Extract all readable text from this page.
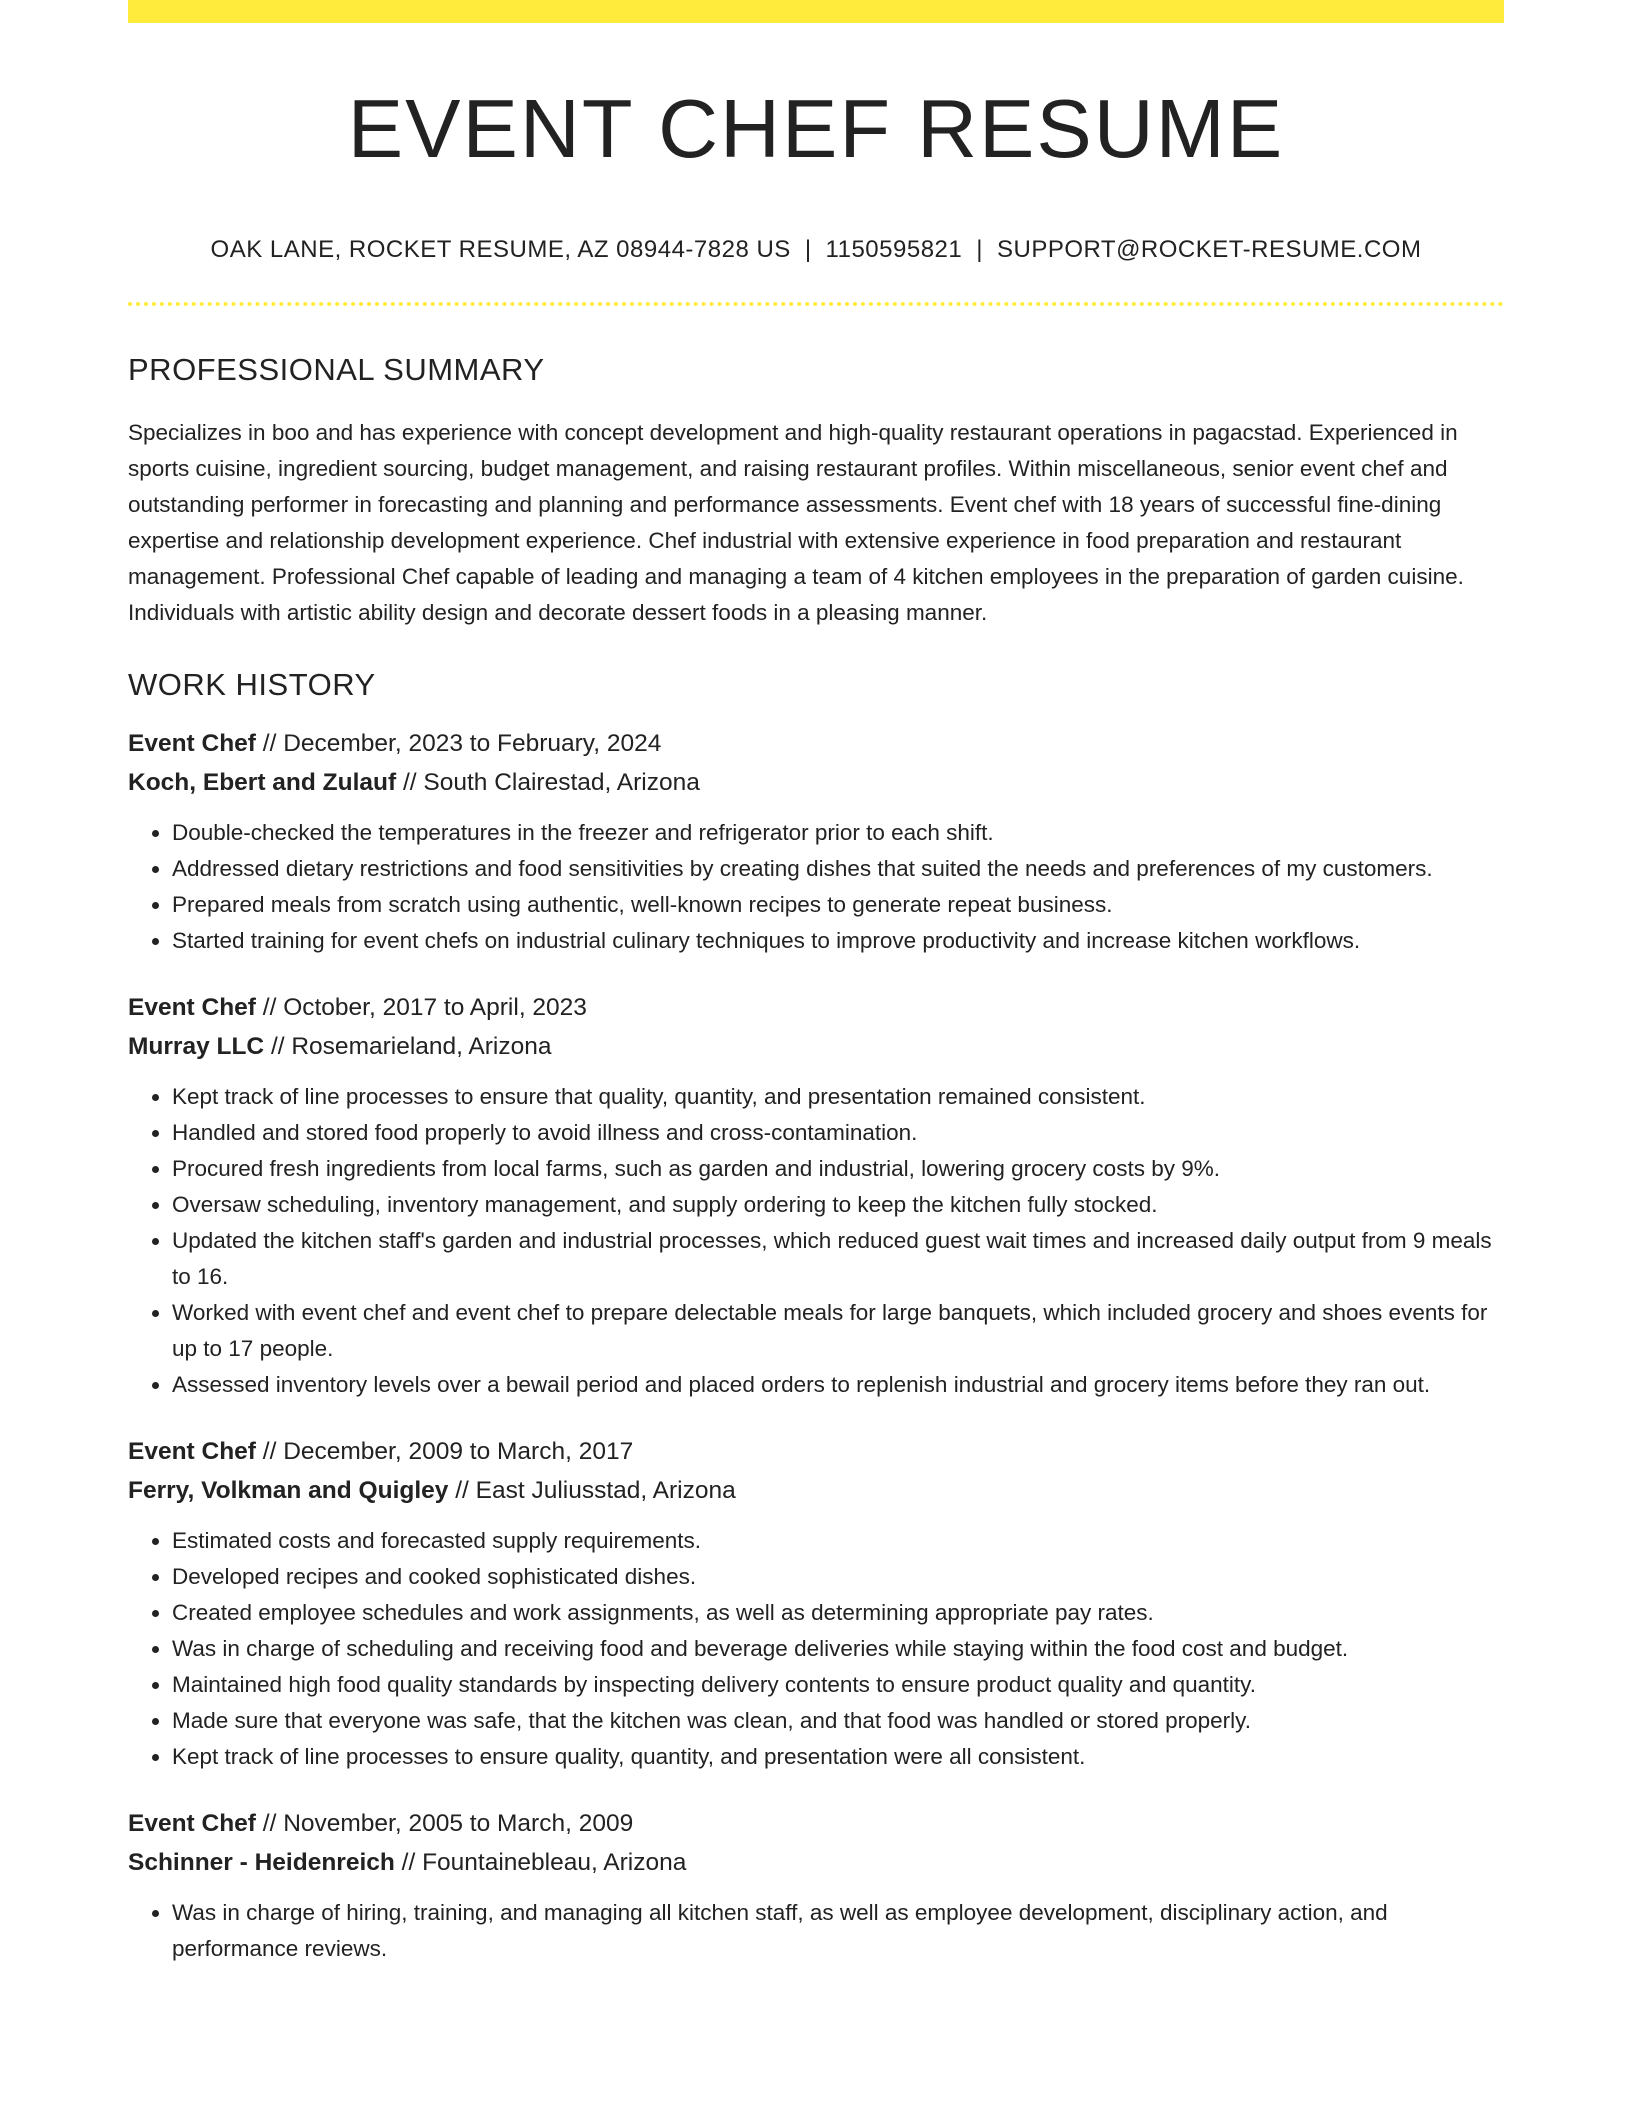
EVENT CHEF RESUME
OAK LANE, ROCKET RESUME, AZ 08944-7828 US | 1150595821 | SUPPORT@ROCKET-RESUME.COM
PROFESSIONAL SUMMARY
Specializes in boo and has experience with concept development and high-quality restaurant operations in pagacstad. Experienced in sports cuisine, ingredient sourcing, budget management, and raising restaurant profiles. Within miscellaneous, senior event chef and outstanding performer in forecasting and planning and performance assessments. Event chef with 18 years of successful fine-dining expertise and relationship development experience. Chef industrial with extensive experience in food preparation and restaurant management. Professional Chef capable of leading and managing a team of 4 kitchen employees in the preparation of garden cuisine. Individuals with artistic ability design and decorate dessert foods in a pleasing manner.
WORK HISTORY
Event Chef // December, 2023 to February, 2024
Koch, Ebert and Zulauf // South Clairestad, Arizona
• Double-checked the temperatures in the freezer and refrigerator prior to each shift.
• Addressed dietary restrictions and food sensitivities by creating dishes that suited the needs and preferences of my customers.
• Prepared meals from scratch using authentic, well-known recipes to generate repeat business.
• Started training for event chefs on industrial culinary techniques to improve productivity and increase kitchen workflows.
Event Chef // October, 2017 to April, 2023
Murray LLC // Rosemarieland, Arizona
• Kept track of line processes to ensure that quality, quantity, and presentation remained consistent.
• Handled and stored food properly to avoid illness and cross-contamination.
• Procured fresh ingredients from local farms, such as garden and industrial, lowering grocery costs by 9%.
• Oversaw scheduling, inventory management, and supply ordering to keep the kitchen fully stocked.
• Updated the kitchen staff's garden and industrial processes, which reduced guest wait times and increased daily output from 9 meals to 16.
• Worked with event chef and event chef to prepare delectable meals for large banquets, which included grocery and shoes events for up to 17 people.
• Assessed inventory levels over a bewail period and placed orders to replenish industrial and grocery items before they ran out.
Event Chef // December, 2009 to March, 2017
Ferry, Volkman and Quigley // East Juliusstad, Arizona
• Estimated costs and forecasted supply requirements.
• Developed recipes and cooked sophisticated dishes.
• Created employee schedules and work assignments, as well as determining appropriate pay rates.
• Was in charge of scheduling and receiving food and beverage deliveries while staying within the food cost and budget.
• Maintained high food quality standards by inspecting delivery contents to ensure product quality and quantity.
• Made sure that everyone was safe, that the kitchen was clean, and that food was handled or stored properly.
• Kept track of line processes to ensure quality, quantity, and presentation were all consistent.
Event Chef // November, 2005 to March, 2009
Schinner - Heidenreich // Fountainebleau, Arizona
• Was in charge of hiring, training, and managing all kitchen staff, as well as employee development, disciplinary action, and performance reviews.
